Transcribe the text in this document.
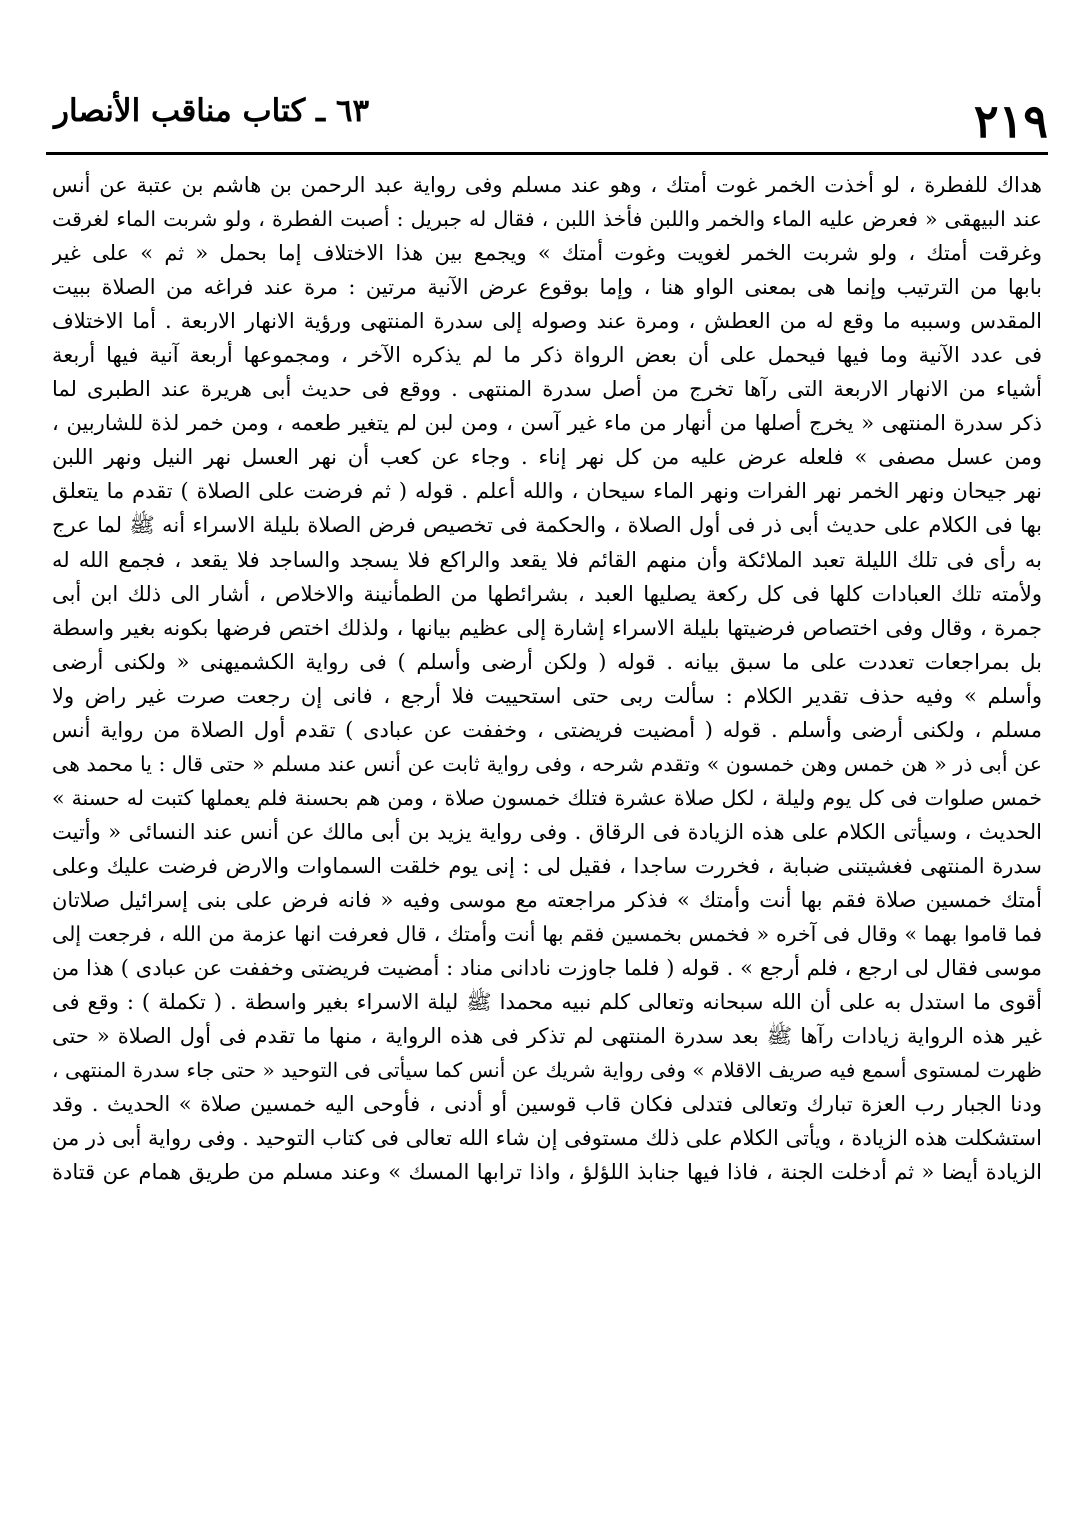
٢١٩
٦٣ ـ كتاب مناقب الأنصار
هداك للفطرة ، لو أخذت الخمر غوت أمتك ، وهو عند مسلم وفى رواية عبد الرحمن بن هاشم بن عتبة عن أنس
عند البيهقى « فعرض عليه الماء والخمر واللبن فأخذ اللبن ، فقال له جبريل : أصبت الفطرة ، ولو شربت الماء لغرقت
وغرقت أمتك ، ولو شربت الخمر لغويت وغوت أمتك » ويجمع بين هذا الاختلاف إما بحمل « ثم » على غير
بابها من الترتيب وإنما هى بمعنى الواو هنا ، وإما بوقوع عرض الآنية مرتين : مرة عند فراغه من الصلاة ببيت
المقدس وسببه ما وقع له من العطش ، ومرة عند وصوله إلى سدرة المنتهى ورؤية الانهار الاربعة . أما الاختلاف
فى عدد الآنية وما فيها فيحمل على أن بعض الرواة ذكر ما لم يذكره الآخر ، ومجموعها أربعة آنية فيها أربعة
أشياء من الانهار الاربعة التى رآها تخرج من أصل سدرة المنتهى . ووقع فى حديث أبى هريرة عند الطبرى لما
ذكر سدرة المنتهى « يخرج أصلها من أنهار من ماء غير آسن ، ومن لبن لم يتغير طعمه ، ومن خمر لذة للشاربين ،
ومن عسل مصفى » فلعله عرض عليه من كل نهر إناء . وجاء عن كعب أن نهر العسل نهر النيل ونهر اللبن
نهر جيحان ونهر الخمر نهر الفرات ونهر الماء سيحان ، والله أعلم . قوله ( ثم فرضت على الصلاة ) تقدم ما يتعلق
بها فى الكلام على حديث أبى ذر فى أول الصلاة ، والحكمة فى تخصيص فرض الصلاة بليلة الاسراء أنه ﷺ لما عرج
به رأى فى تلك الليلة تعبد الملائكة وأن منهم القائم فلا يقعد والراكع فلا يسجد والساجد فلا يقعد ، فجمع الله له
ولأمته تلك العبادات كلها فى كل ركعة يصليها العبد ، بشرائطها من الطمأنينة والاخلاص ، أشار الى ذلك ابن أبى
جمرة ، وقال وفى اختصاص فرضيتها بليلة الاسراء إشارة إلى عظيم بيانها ، ولذلك اختص فرضها بكونه بغير واسطة
بل بمراجعات تعددت على ما سبق بيانه . قوله ( ولكن أرضى وأسلم ) فى رواية الكشميهنى « ولكنى أرضى
وأسلم » وفيه حذف تقدير الكلام : سألت ربى حتى استحييت فلا أرجع ، فانى إن رجعت صرت غير راض ولا
مسلم ، ولكنى أرضى وأسلم . قوله ( أمضيت فريضتى ، وخففت عن عبادى ) تقدم أول الصلاة من رواية أنس
عن أبى ذر « هن خمس وهن خمسون » وتقدم شرحه ، وفى رواية ثابت عن أنس عند مسلم « حتى قال : يا محمد هى
خمس صلوات فى كل يوم وليلة ، لكل صلاة عشرة فتلك خمسون صلاة ، ومن هم بحسنة فلم يعملها كتبت له حسنة »
الحديث ، وسيأتى الكلام على هذه الزيادة فى الرقاق . وفى رواية يزيد بن أبى مالك عن أنس عند النسائى « وأتيت
سدرة المنتهى فغشيتنى ضبابة ، فخررت ساجدا ، فقيل لى : إنى يوم خلقت السماوات والارض فرضت عليك وعلى
أمتك خمسين صلاة فقم بها أنت وأمتك » فذكر مراجعته مع موسى وفيه « فانه فرض على بنى إسرائيل صلاتان
فما قاموا بهما » وقال فى آخره « فخمس بخمسين فقم بها أنت وأمتك ، قال فعرفت انها عزمة من الله ، فرجعت إلى
موسى فقال لى ارجع ، فلم أرجع » . قوله ( فلما جاوزت نادانى مناد : أمضيت فريضتى وخففت عن عبادى ) هذا من
أقوى ما استدل به على أن الله سبحانه وتعالى كلم نبيه محمدا ﷺ ليلة الاسراء بغير واسطة . ( تكملة ) : وقع فى
غير هذه الرواية زيادات رآها ﷺ بعد سدرة المنتهى لم تذكر فى هذه الرواية ، منها ما تقدم فى أول الصلاة « حتى
ظهرت لمستوى أسمع فيه صريف الاقلام » وفى رواية شريك عن أنس كما سيأتى فى التوحيد « حتى جاء سدرة المنتهى ،
ودنا الجبار رب العزة تبارك وتعالى فتدلى فكان قاب قوسين أو أدنى ، فأوحى اليه خمسين صلاة » الحديث . وقد
استشكلت هذه الزيادة ، ويأتى الكلام على ذلك مستوفى إن شاء الله تعالى فى كتاب التوحيد . وفى رواية أبى ذر من
الزيادة أيضا « ثم أدخلت الجنة ، فاذا فيها جنابذ اللؤلؤ ، واذا ترابها المسك » وعند مسلم من طريق همام عن قتادة
